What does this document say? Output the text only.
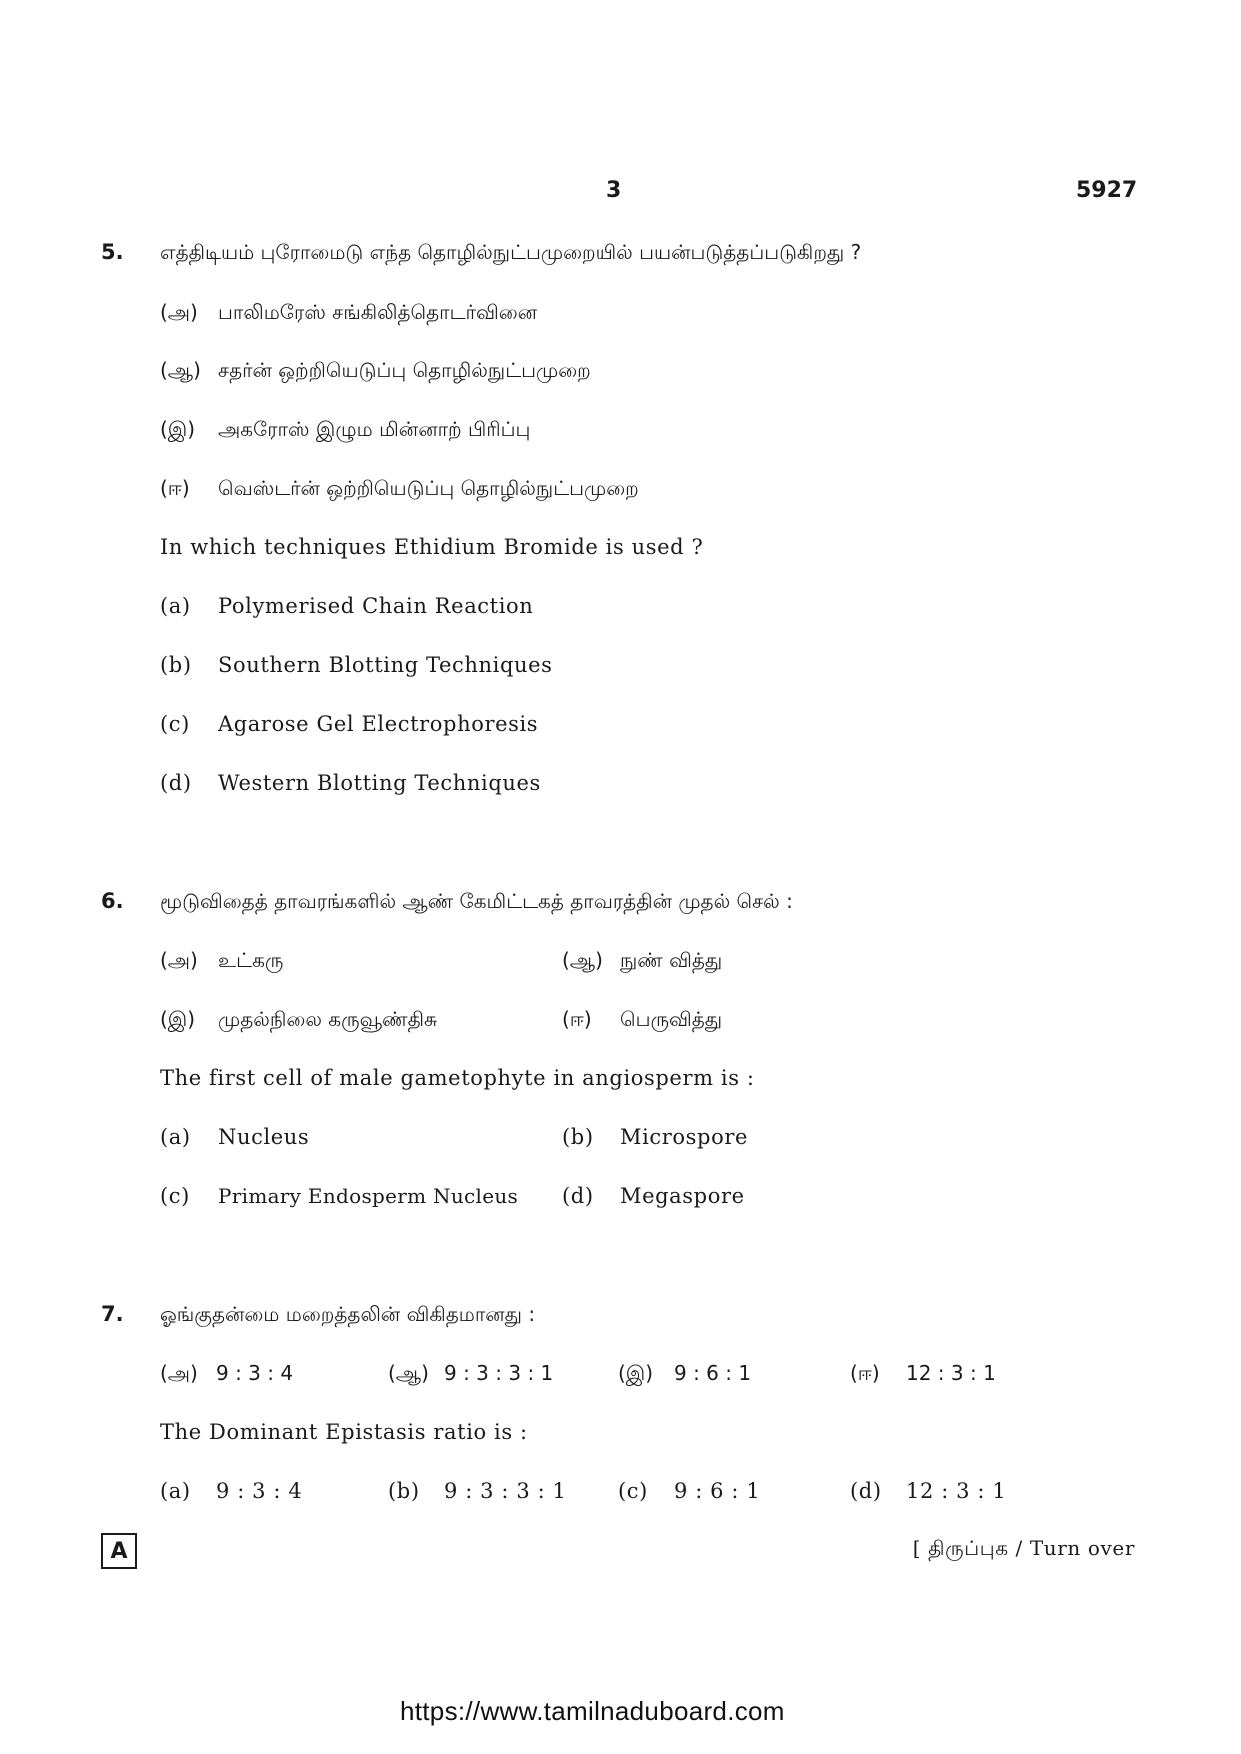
3	5927
5. எத்திடியம் புரோமைடு எந்த தொழில்நுட்பமுறையில் பயன்படுத்தப்படுகிறது ?
(அ) பாலிமரேஸ் சங்கிலித்தொடர்வினை
(ஆ) சதர்ன் ஒற்றியெடுப்பு தொழில்நுட்பமுறை
(இ) அகரோஸ் இழும மின்னாற் பிரிப்பு
(ஈ) வெஸ்டர்ன் ஒற்றியெடுப்பு தொழில்நுட்பமுறை
In which techniques Ethidium Bromide is used ?
(a) Polymerised Chain Reaction
(b) Southern Blotting Techniques
(c) Agarose Gel Electrophoresis
(d) Western Blotting Techniques
6. மூடுவிதைத் தாவரங்களில் ஆண் கேமிட்டகத் தாவரத்தின் முதல் செல் :
(அ) உட்கரு	(ஆ) நுண் வித்து
(இ) முதல்நிலை கருவூண்திசு	(ஈ) பெருவித்து
The first cell of male gametophyte in angiosperm is :
(a) Nucleus	(b) Microspore
(c) Primary Endosperm Nucleus (d) Megaspore
7. ஓங்குதன்மை மறைத்தலின் விகிதமானது :
(அ) 9 : 3 : 4	(ஆ) 9 : 3 : 3 : 1	(இ) 9 : 6 : 1	(ஈ) 12 : 3 : 1
The Dominant Epistasis ratio is :
(a) 9 : 3 : 4	(b) 9 : 3 : 3 : 1 (c) 9 : 6 : 1	(d) 12 : 3 : 1
A	[ திருப்புக / Turn over
https://www.tamilnaduboard.com
